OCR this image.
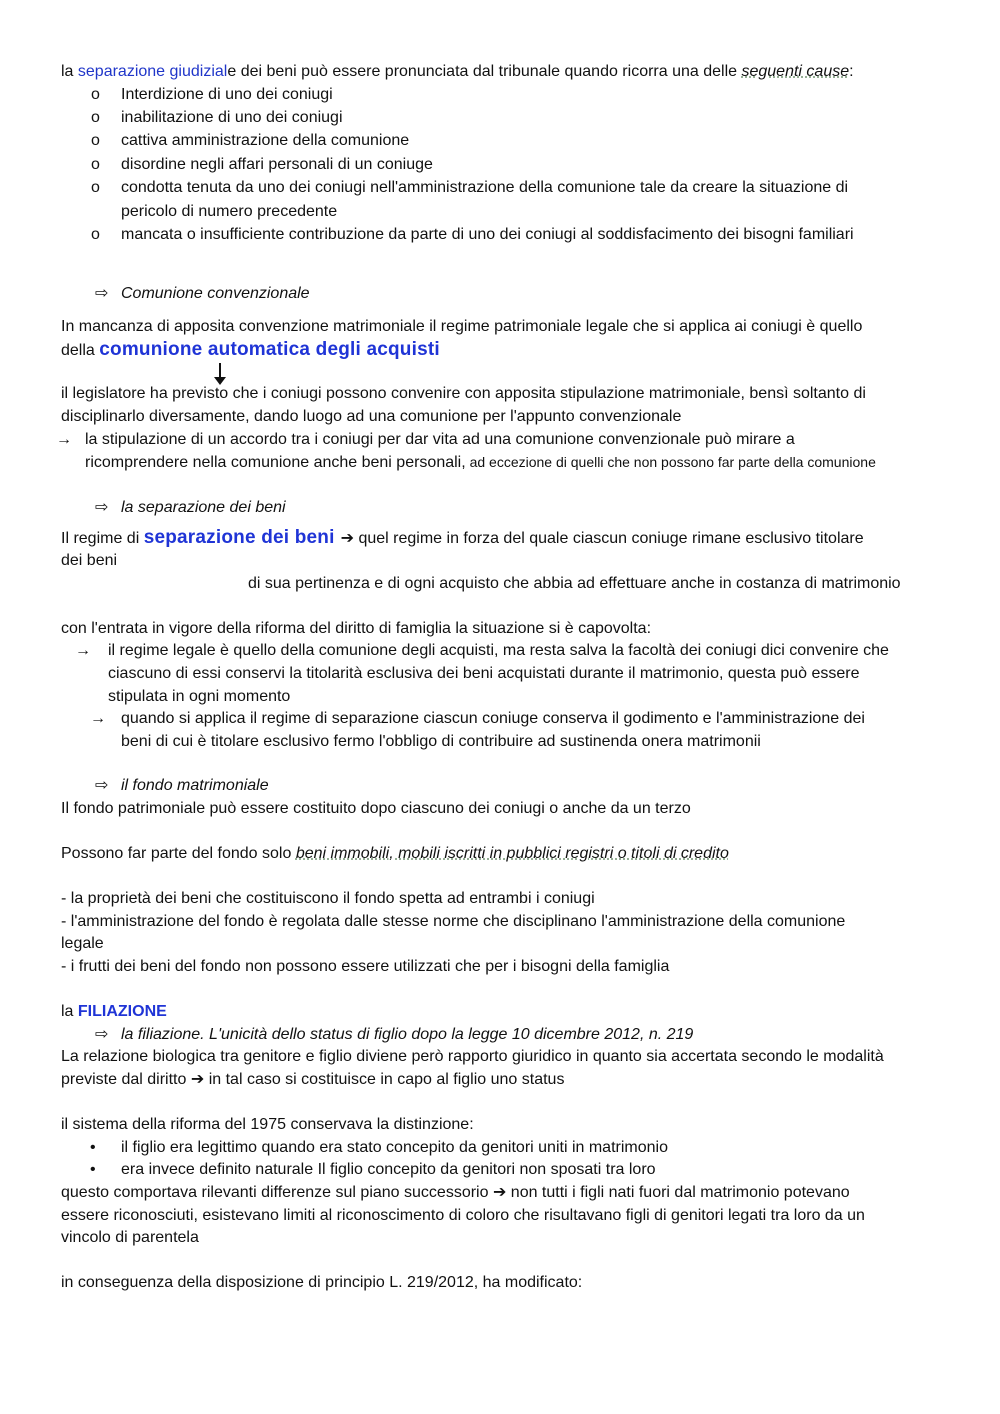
la separazione giudiziale dei beni può essere pronunciata dal tribunale quando ricorra una delle seguenti cause:
o Interdizione di uno dei coniugi
o inabilitazione di uno dei coniugi
o cattiva amministrazione della comunione
o disordine negli affari personali di un coniuge
o condotta tenuta da uno dei coniugi nell'amministrazione della comunione tale da creare la situazione di
pericolo di numero precedente
o mancata o insufficiente contribuzione da parte di uno dei coniugi al soddisfacimento dei bisogni familiari
⇨ Comunione convenzionale
In mancanza di apposita convenzione matrimoniale il regime patrimoniale legale che si applica ai coniugi è quello
della comunione automatica degli acquisti
il legislatore ha previsto che i coniugi possono convenire con apposita stipulazione matrimoniale, bensì soltanto di
disciplinarlo diversamente, dando luogo ad una comunione per l'appunto convenzionale
→ la stipulazione di un accordo tra i coniugi per dar vita ad una comunione convenzionale può mirare a
ricomprendere nella comunione anche beni personali, ad eccezione di quelli che non possono far parte della comunione
⇨ la separazione dei beni
Il regime di separazione dei beni ➔ quel regime in forza del quale ciascun coniuge rimane esclusivo titolare
dei beni
di sua pertinenza e di ogni acquisto che abbia ad effettuare anche in costanza di matrimonio
con l'entrata in vigore della riforma del diritto di famiglia la situazione si è capovolta:
→ il regime legale è quello della comunione degli acquisti, ma resta salva la facoltà dei coniugi dici convenire che
ciascuno di essi conservi la titolarità esclusiva dei beni acquistati durante il matrimonio, questa può essere
stipulata in ogni momento
→ quando si applica il regime di separazione ciascun coniuge conserva il godimento e l'amministrazione dei
beni di cui è titolare esclusivo fermo l'obbligo di contribuire ad sustinenda onera matrimonii
⇨ il fondo matrimoniale
Il fondo patrimoniale può essere costituito dopo ciascuno dei coniugi o anche da un terzo
Possono far parte del fondo solo beni immobili, mobili iscritti in pubblici registri o titoli di credito
- la proprietà dei beni che costituiscono il fondo spetta ad entrambi i coniugi
- l'amministrazione del fondo è regolata dalle stesse norme che disciplinano l'amministrazione della comunione
legale
- i frutti dei beni del fondo non possono essere utilizzati che per i bisogni della famiglia
la FILIAZIONE
⇨ la filiazione. L'unicità dello status di figlio dopo la legge 10 dicembre 2012, n. 219
La relazione biologica tra genitore e figlio diviene però rapporto giuridico in quanto sia accertata secondo le modalità
previste dal diritto ➔ in tal caso si costituisce in capo al figlio uno status
il sistema della riforma del 1975 conservava la distinzione:
• il figlio era legittimo quando era stato concepito da genitori uniti in matrimonio
• era invece definito naturale Il figlio concepito da genitori non sposati tra loro
questo comportava rilevanti differenze sul piano successorio ➔ non tutti i figli nati fuori dal matrimonio potevano
essere riconosciuti, esistevano limiti al riconoscimento di coloro che risultavano figli di genitori legati tra loro da un
vincolo di parentela
in conseguenza della disposizione di principio L. 219/2012, ha modificato:
